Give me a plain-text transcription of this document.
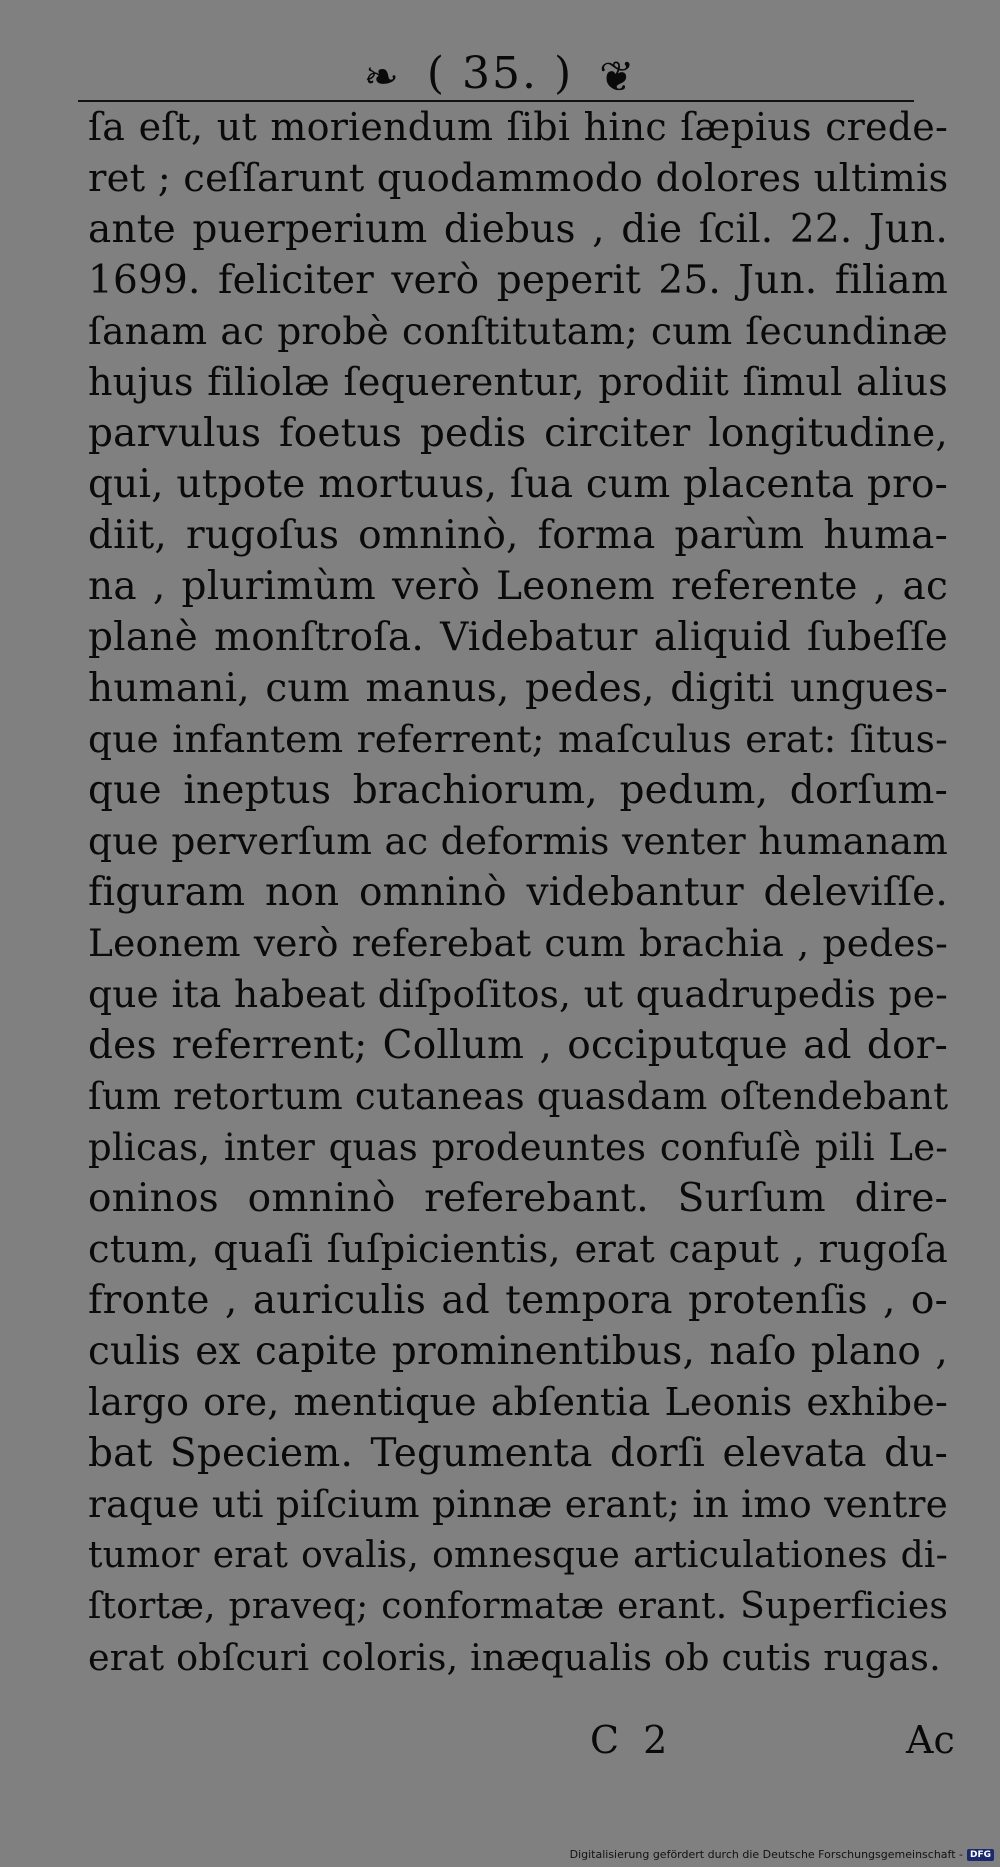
❧ ( 35. ) ❦
ſa eſt, ut moriendum ſibi hinc ſæpius crede-
ret ; ceſſarunt quodammodo dolores ultimis
ante puerperium diebus , die ſcil. 22. Jun.
1699. feliciter verò peperit 25. Jun. filiam
ſanam ac probè conſtitutam; cum ſecundinæ
hujus filiolæ ſequerentur, prodiit ſimul alius
parvulus foetus pedis circiter longitudine,
qui, utpote mortuus, ſua cum placenta pro-
diit, rugoſus omninò, forma parùm huma-
na , plurimùm verò Leonem referente , ac
planè monſtroſa. Videbatur aliquid ſubeſſe
humani, cum manus, pedes, digiti ungues-
que infantem referrent; maſculus erat: ſitus-
que ineptus brachiorum, pedum, dorſum-
que perverſum ac deformis venter humanam
figuram non omninò videbantur deleviſſe.
Leonem verò referebat cum brachia , pedes-
que ita habeat diſpoſitos, ut quadrupedis pe-
des referrent; Collum , occiputque ad dor-
ſum retortum cutaneas quasdam oſtendebant
plicas, inter quas prodeuntes confuſè pili Le-
oninos omninò referebant. Surſum dire-
ctum, quaſi ſuſpicientis, erat caput , rugoſa
fronte , auriculis ad tempora protenſis , o-
culis ex capite prominentibus, naſo plano ,
largo ore, mentique abſentia Leonis exhibe-
bat Speciem. Tegumenta dorſi elevata du-
raque uti piſcium pinnæ erant; in imo ventre
tumor erat ovalis, omnesque articulationes di-
ſtortæ, praveq; conformatæ erant. Superficies
erat obſcuri coloris, inæqualis ob cutis rugas.
C 2	Ac
Digitalisierung gefördert durch die Deutsche Forschungsgemeinschaft - DFG
